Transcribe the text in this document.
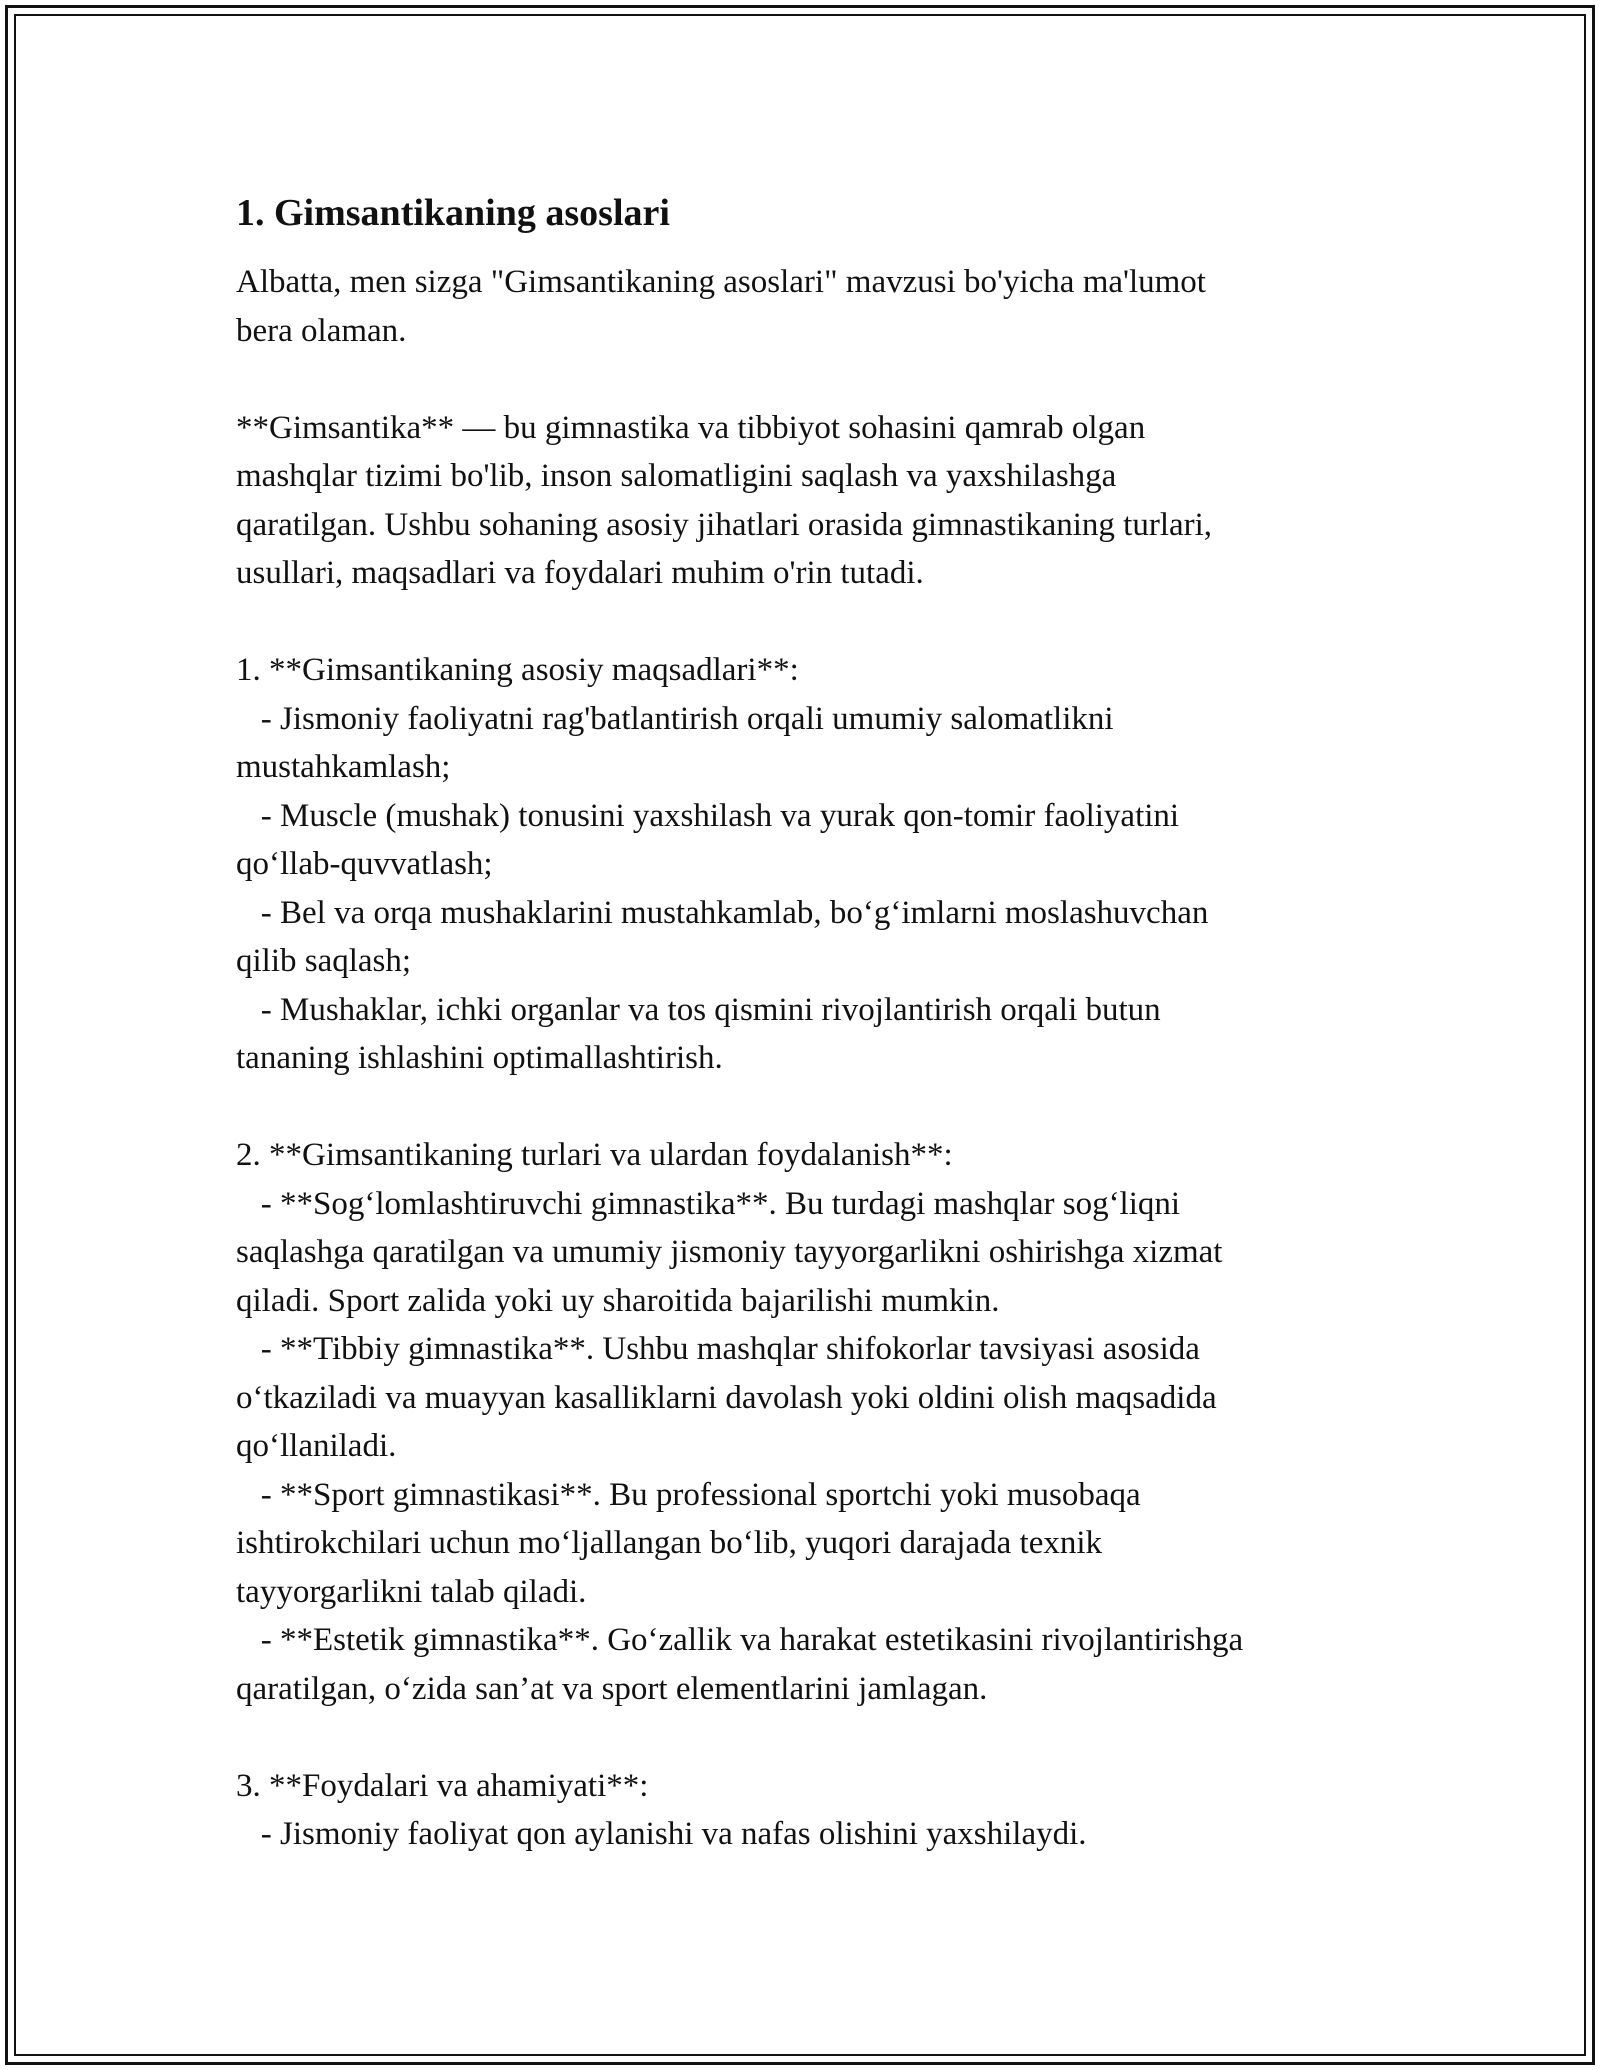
1. Gimsantikaning asoslari

Albatta, men sizga "Gimsantikaning asoslari" mavzusi bo'yicha ma'lumot
bera olaman.

**Gimsantika** — bu gimnastika va tibbiyot sohasini qamrab olgan
mashqlar tizimi bo'lib, inson salomatligini saqlash va yaxshilashga
qaratilgan. Ushbu sohaning asosiy jihatlari orasida gimnastikaning turlari,
usullari, maqsadlari va foydalari muhim o'rin tutadi.

1. **Gimsantikaning asosiy maqsadlari**:
- Jismoniy faoliyatni rag'batlantirish orqali umumiy salomatlikni
mustahkamlash;
- Muscle (mushak) tonusini yaxshilash va yurak qon-tomir faoliyatini
qo‘llab-quvvatlash;
- Bel va orqa mushaklarini mustahkamlab, bo‘g‘imlarni moslashuvchan
qilib saqlash;
- Mushaklar, ichki organlar va tos qismini rivojlantirish orqali butun
tananing ishlashini optimallashtirish.

2. **Gimsantikaning turlari va ulardan foydalanish**:
- **Sog‘lomlashtiruvchi gimnastika**. Bu turdagi mashqlar sog‘liqni
saqlashga qaratilgan va umumiy jismoniy tayyorgarlikni oshirishga xizmat
qiladi. Sport zalida yoki uy sharoitida bajarilishi mumkin.
- **Tibbiy gimnastika**. Ushbu mashqlar shifokorlar tavsiyasi asosida
o‘tkaziladi va muayyan kasalliklarni davolash yoki oldini olish maqsadida
qo‘llaniladi.
- **Sport gimnastikasi**. Bu professional sportchi yoki musobaqa
ishtirokchilari uchun mo‘ljallangan bo‘lib, yuqori darajada texnik
tayyorgarlikni talab qiladi.
- **Estetik gimnastika**. Go‘zallik va harakat estetikasini rivojlantirishga
qaratilgan, o‘zida san’at va sport elementlarini jamlagan.

3. **Foydalari va ahamiyati**:
- Jismoniy faoliyat qon aylanishi va nafas olishini yaxshilaydi.
